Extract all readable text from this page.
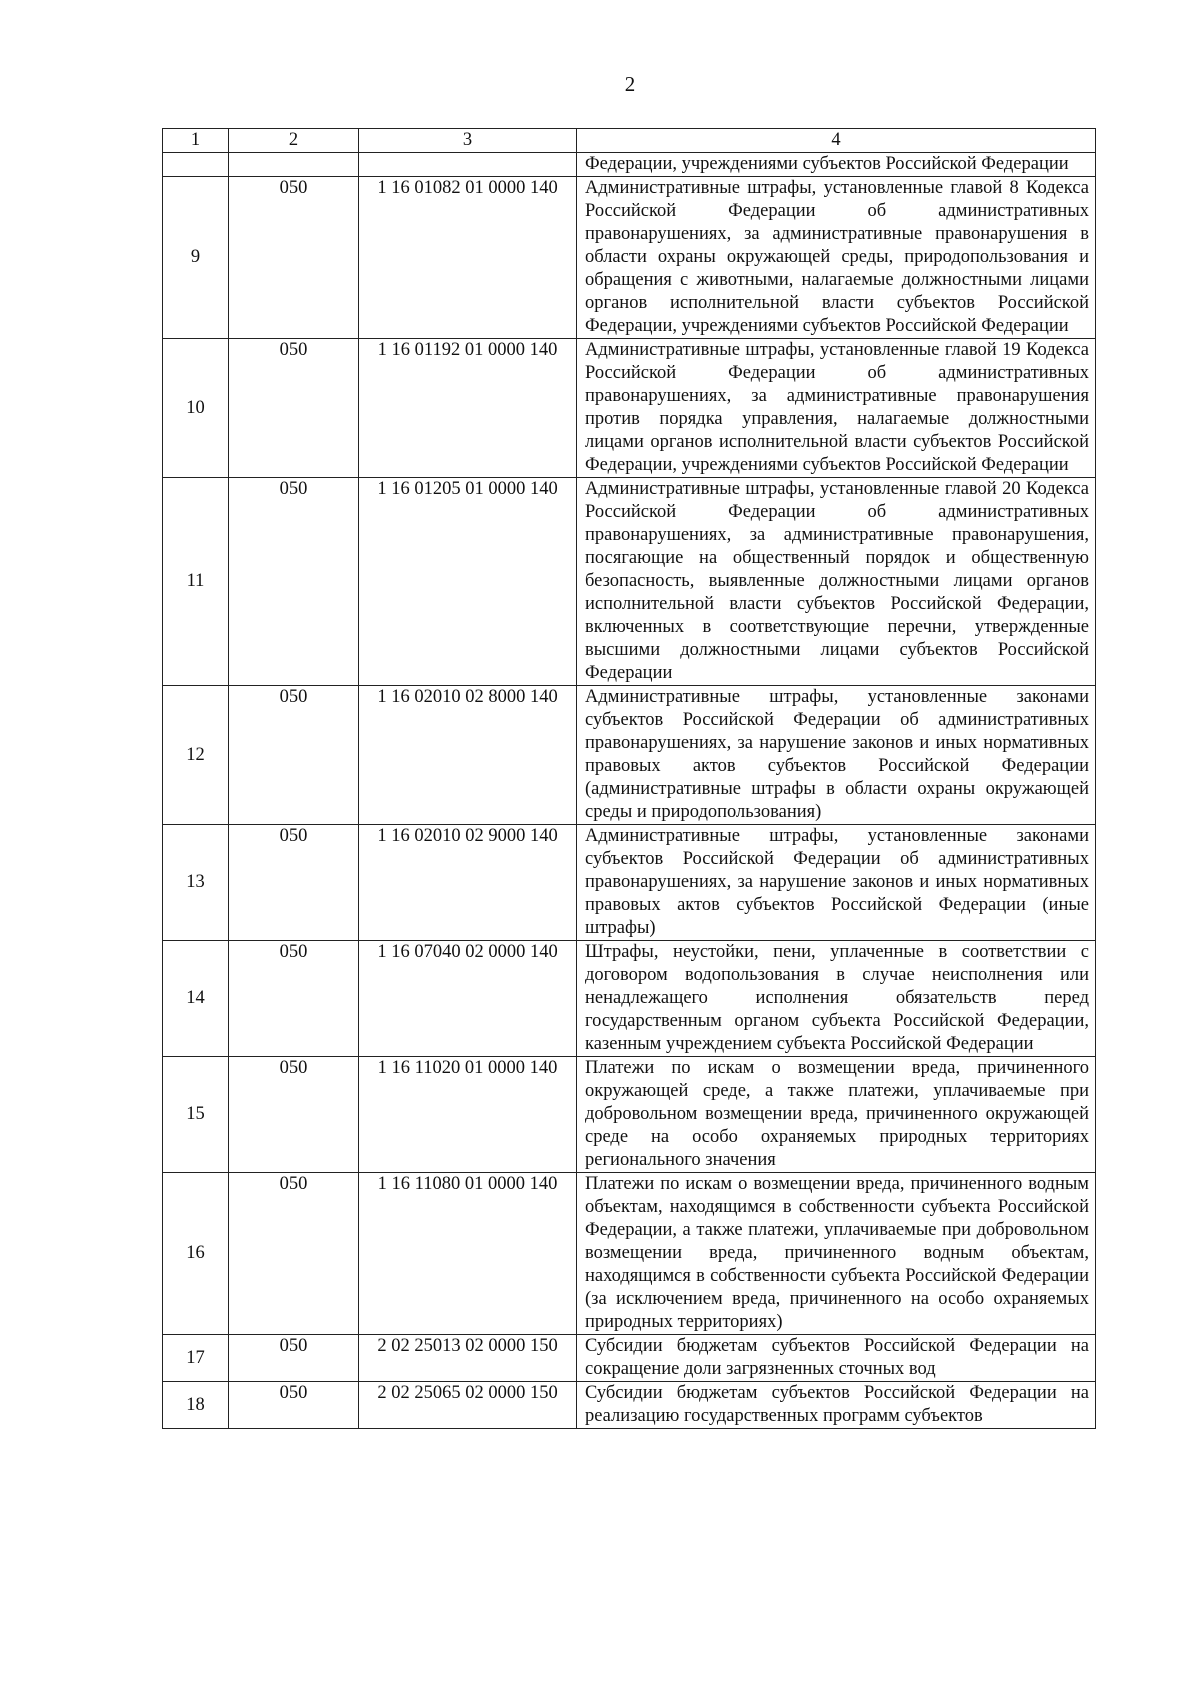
2
1	2	3	4
			Федерации, учреждениями субъектов Российской Федерации
9	050	1 16 01082 01 0000 140	Административные штрафы, установленные главой 8 Кодекса Российской Федерации об административных правонарушениях, за административные правонарушения в области охраны окружающей среды, природопользования и обращения с животными, налагаемые должностными лицами органов исполнительной власти субъектов Российской Федерации, учреждениями субъектов Российской Федерации
10	050	1 16 01192 01 0000 140	Административные штрафы, установленные главой 19 Кодекса Российской Федерации об административных правонарушениях, за административные правонарушения против порядка управления, налагаемые должностными лицами органов исполнительной власти субъектов Российской Федерации, учреждениями субъектов Российской Федерации
11	050	1 16 01205 01 0000 140	Административные штрафы, установленные главой 20 Кодекса Российской Федерации об административных правонарушениях, за административные правонарушения, посягающие на общественный порядок и общественную безопасность, выявленные должностными лицами органов исполнительной власти субъектов Российской Федерации, включенных в соответствующие перечни, утвержденные высшими должностными лицами субъектов Российской Федерации
12	050	1 16 02010 02 8000 140	Административные штрафы, установленные законами субъектов Российской Федерации об административных правонарушениях, за нарушение законов и иных нормативных правовых актов субъектов Российской Федерации (административные штрафы в области охраны окружающей среды и природопользования)
13	050	1 16 02010 02 9000 140	Административные штрафы, установленные законами субъектов Российской Федерации об административных правонарушениях, за нарушение законов и иных нормативных правовых актов субъектов Российской Федерации (иные штрафы)
14	050	1 16 07040 02 0000 140	Штрафы, неустойки, пени, уплаченные в соответствии с договором водопользования в случае неисполнения или ненадлежащего исполнения обязательств перед государственным органом субъекта Российской Федерации, казенным учреждением субъекта Российской Федерации
15	050	1 16 11020 01 0000 140	Платежи по искам о возмещении вреда, причиненного окружающей среде, а также платежи, уплачиваемые при добровольном возмещении вреда, причиненного окружающей среде на особо охраняемых природных территориях регионального значения
16	050	1 16 11080 01 0000 140	Платежи по искам о возмещении вреда, причиненного водным объектам, находящимся в собственности субъекта Российской Федерации, а также платежи, уплачиваемые при добровольном возмещении вреда, причиненного водным объектам, находящимся в собственности субъекта Российской Федерации (за исключением вреда, причиненного на особо охраняемых природных территориях)
17	050	2 02 25013 02 0000 150	Субсидии бюджетам субъектов Российской Федерации на сокращение доли загрязненных сточных вод
18	050	2 02 25065 02 0000 150	Субсидии бюджетам субъектов Российской Федерации на реализацию государственных программ субъектов
